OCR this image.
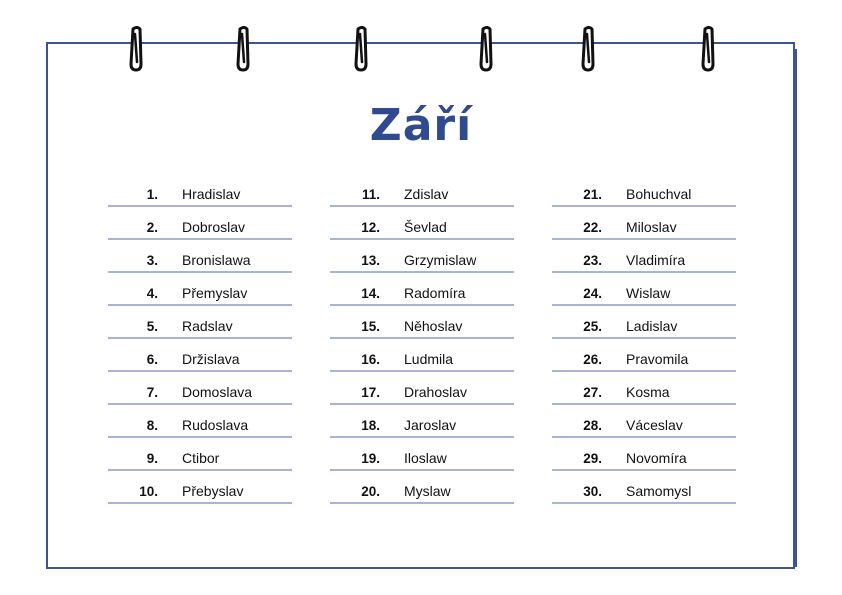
Září
1. Hradislav
2. Dobroslav
3. Bronislawa
4. Přemyslav
5. Radslav
6. Držislava
7. Domoslava
8. Rudoslava
9. Ctibor
10. Přebyslav
11. Zdislav
12. Ševlad
13. Grzymislaw
14. Radomíra
15. Něhoslav
16. Ludmila
17. Drahoslav
18. Jaroslav
19. Iloslaw
20. Myslaw
21. Bohuchval
22. Miloslav
23. Vladimíra
24. Wislaw
25. Ladislav
26. Pravomila
27. Kosma
28. Váceslav
29. Novomíra
30. Samomysl
